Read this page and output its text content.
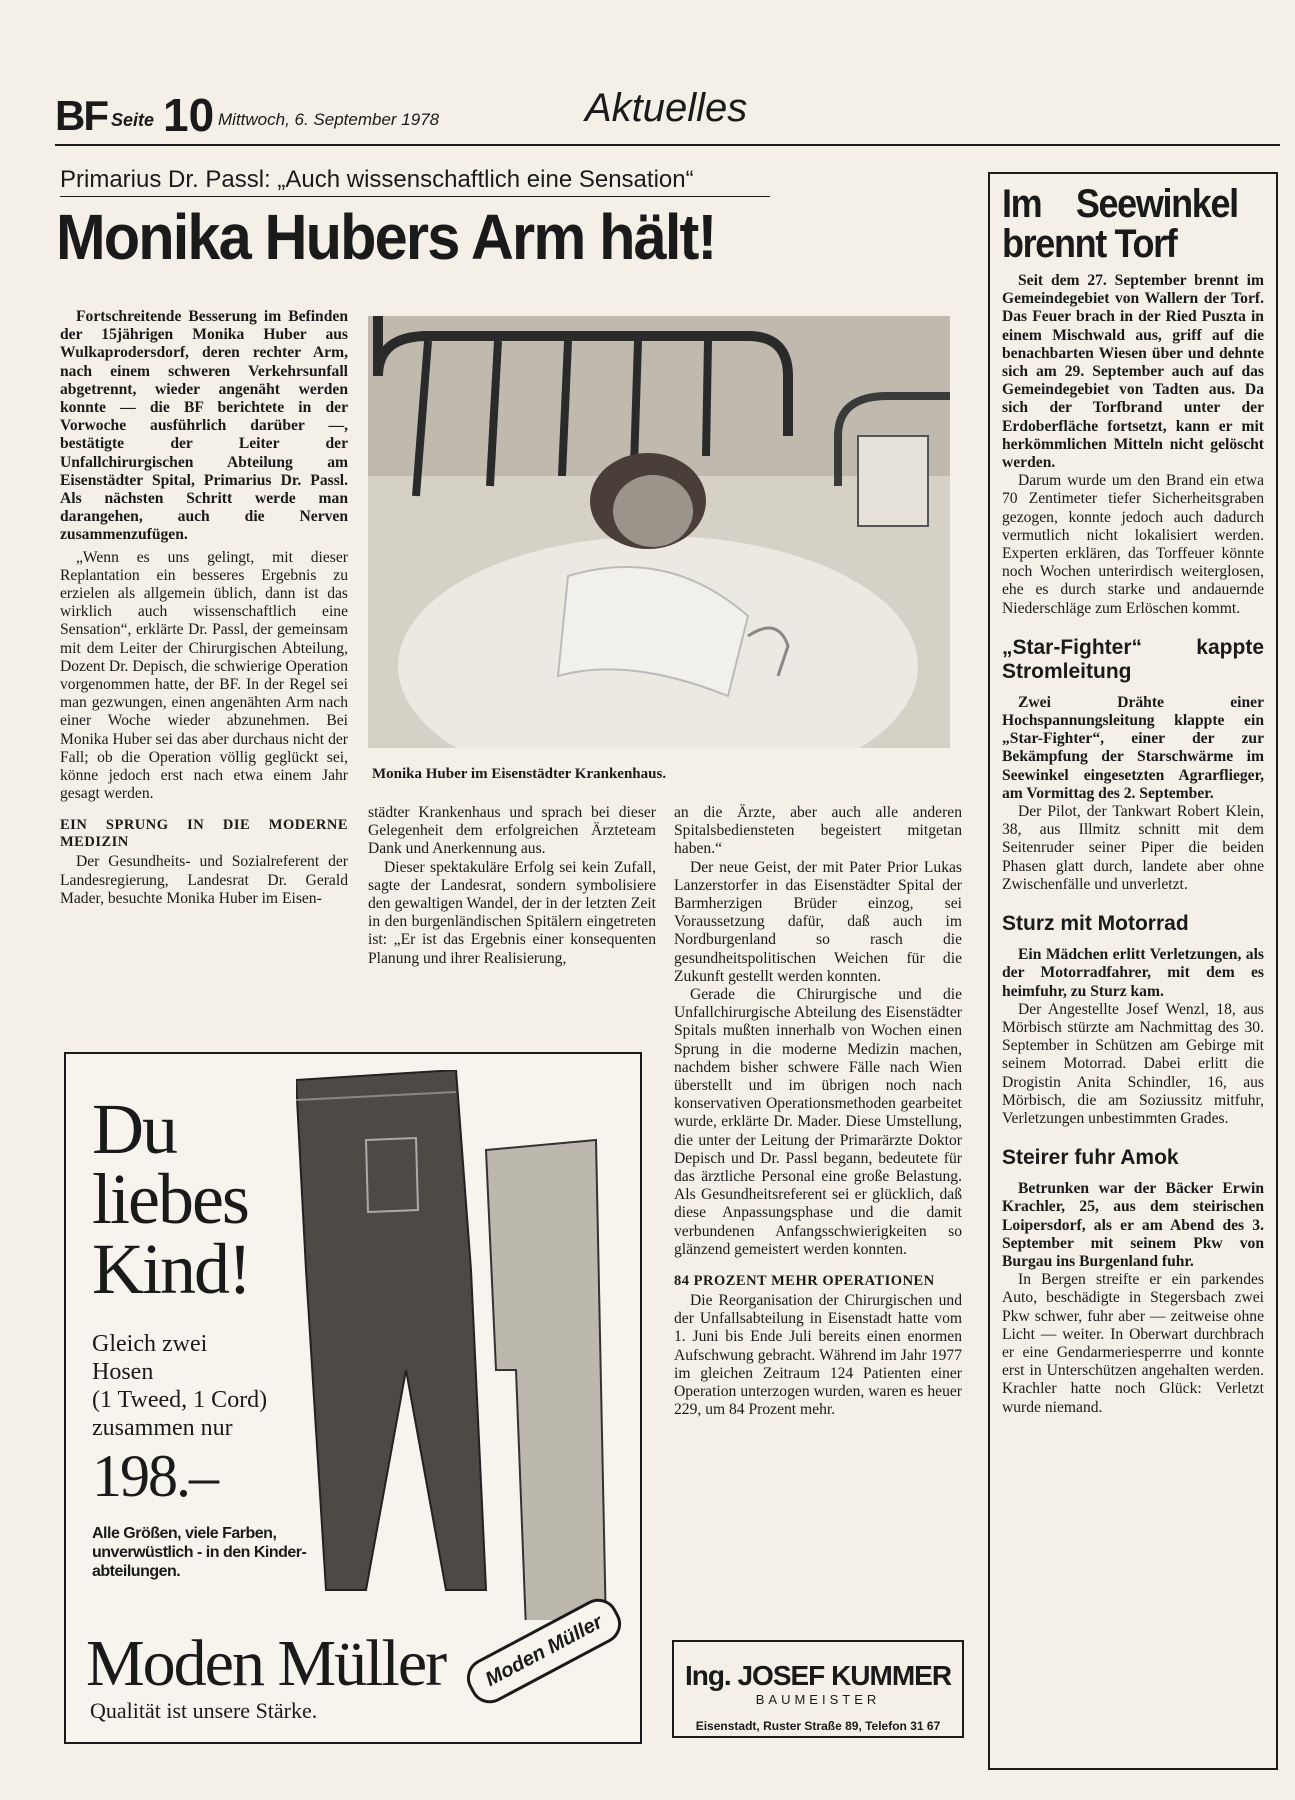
BF Seite 10 Mittwoch, 6. September 1978	Aktuelles
Primarius Dr. Passl: „Auch wissenschaftlich eine Sensation“
Monika Hubers Arm hält!

Fortschreitende Besserung im Befinden der 15jährigen Monika Huber aus Wulkaprodersdorf, deren rechter Arm, nach einem schweren Verkehrsunfall abgetrennt, wieder angenäht werden konnte — die BF berichtete in der Vorwoche ausführlich darüber —, bestätigte der Leiter der Unfallchirurgischen Abteilung am Eisenstädter Spital, Primarius Dr. Passl. Als nächsten Schritt werde man darangehen, auch die Nerven zusammenzufügen.

„Wenn es uns gelingt, mit dieser Replantation ein besseres Ergebnis zu erzielen als allgemein üblich, dann ist das wirklich auch wissenschaftlich eine Sensation“, erklärte Dr. Passl, der gemeinsam mit dem Leiter der Chirurgischen Abteilung, Dozent Dr. Depisch, die schwierige Operation vorgenommen hatte, der BF. In der Regel sei man gezwungen, einen angenähten Arm nach einer Woche wieder abzunehmen. Bei Monika Huber sei das aber durchaus nicht der Fall; ob die Operation völlig geglückt sei, könne jedoch erst nach etwa einem Jahr gesagt werden.

EIN SPRUNG IN DIE MODERNE MEDIZIN

Der Gesundheits- und Sozialreferent der Landesregierung, Landesrat Dr. Gerald Mader, besuchte Monika Huber im Eisen-

Monika Huber im Eisenstädter Krankenhaus.

städter Krankenhaus und sprach bei dieser Gelegenheit dem erfolgreichen Ärzteteam Dank und Anerkennung aus.

Dieser spektakuläre Erfolg sei kein Zufall, sagte der Landesrat, sondern symbolisiere den gewaltigen Wandel, der in der letzten Zeit in den burgenländischen Spitälern eingetreten ist: „Er ist das Ergebnis einer konsequenten Planung und ihrer Realisierung,

an die Ärzte, aber auch alle anderen Spitalsbediensteten begeistert mitgetan haben.“

Der neue Geist, der mit Pater Prior Lukas Lanzerstorfer in das Eisenstädter Spital der Barmherzigen Brüder einzog, sei Voraussetzung dafür, daß auch im Nordburgenland so rasch die gesundheitspolitischen Weichen für die Zukunft gestellt werden konnten.

Gerade die Chirurgische und die Unfallchirurgische Abteilung des Eisenstädter Spitals mußten innerhalb von Wochen einen Sprung in die moderne Medizin machen, nachdem bisher schwere Fälle nach Wien überstellt und im übrigen noch nach konservativen Operationsmethoden gearbeitet wurde, erklärte Dr. Mader. Diese Umstellung, die unter der Leitung der Primarärzte Doktor Depisch und Dr. Passl begann, bedeutete für das ärztliche Personal eine große Belastung. Als Gesundheitsreferent sei er glücklich, daß diese Anpassungsphase und die damit verbundenen Anfangsschwierigkeiten so glänzend gemeistert werden konnten.

84 PROZENT MEHR OPERATIONEN

Die Reorganisation der Chirurgischen und der Unfallsabteilung in Eisenstadt hatte vom 1. Juni bis Ende Juli bereits einen enormen Aufschwung gebracht. Während im Jahr 1977 im gleichen Zeitraum 124 Patienten einer Operation unterzogen wurden, waren es heuer 229, um 84 Prozent mehr.

Du
liebes
Kind!
Gleich zwei
Hosen
(1 Tweed, 1 Cord)
zusammen nur
198.–
Alle Größen, viele Farben,
unverwüstlich - in den Kinder-
abteilungen.
Moden Müller
Qualität ist unsere Stärke.
Moden Müller	Ing. JOSEF KUMMER
BAUMEISTER
Eisenstadt, Ruster Straße 89, Telefon 31 67
Im Seewinkel brennt Torf

Seit dem 27. September brennt im Gemeindegebiet von Wallern der Torf. Das Feuer brach in der Ried Puszta in einem Mischwald aus, griff auf die benachbarten Wiesen über und dehnte sich am 29. September auch auf das Gemeindegebiet von Tadten aus. Da sich der Torfbrand unter der Erdoberfläche fortsetzt, kann er mit herkömmlichen Mitteln nicht gelöscht werden.

Darum wurde um den Brand ein etwa 70 Zentimeter tiefer Sicherheitsgraben gezogen, konnte jedoch auch dadurch vermutlich nicht lokalisiert werden. Experten erklären, das Torffeuer könnte noch Wochen unterirdisch weiterglosen, ehe es durch starke und andauernde Niederschläge zum Erlöschen kommt.

„Star-Fighter“ kappte Stromleitung

Zwei Drähte einer Hochspannungsleitung klappte ein „Star-Fighter“, einer der zur Bekämpfung der Starschwärme im Seewinkel eingesetzten Agrarflieger, am Vormittag des 2. September.

Der Pilot, der Tankwart Robert Klein, 38, aus Illmitz schnitt mit dem Seitenruder seiner Piper die beiden Phasen glatt durch, landete aber ohne Zwischenfälle und unverletzt.

Sturz mit Motorrad

Ein Mädchen erlitt Verletzungen, als der Motorradfahrer, mit dem es heimfuhr, zu Sturz kam.

Der Angestellte Josef Wenzl, 18, aus Mörbisch stürzte am Nachmittag des 30. September in Schützen am Gebirge mit seinem Motorrad. Dabei erlitt die Drogistin Anita Schindler, 16, aus Mörbisch, die am Soziussitz mitfuhr, Verletzungen unbestimmten Grades.

Steirer fuhr Amok

Betrunken war der Bäcker Erwin Krachler, 25, aus dem steirischen Loipersdorf, als er am Abend des 3. September mit seinem Pkw von Burgau ins Burgenland fuhr.

In Bergen streifte er ein parkendes Auto, beschädigte in Stegersbach zwei Pkw schwer, fuhr aber — zeitweise ohne Licht — weiter. In Oberwart durchbrach er eine Gendarmeriesperrre und konnte erst in Unterschützen angehalten werden. Krachler hatte noch Glück: Verletzt wurde niemand.
